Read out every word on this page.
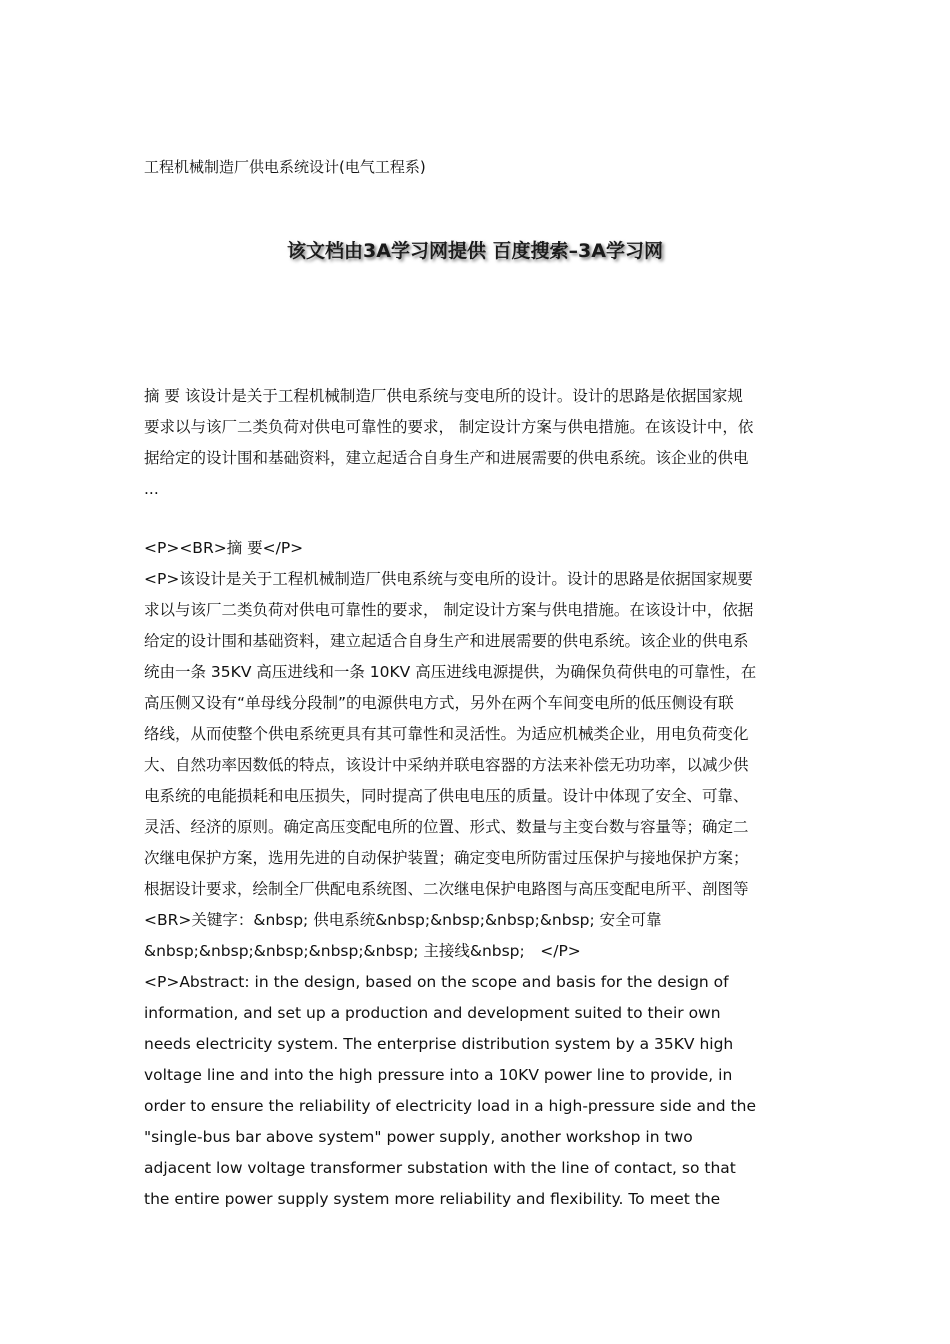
工程机械制造厂供电系统设计(电气工程系)
该文档由3A学习网提供 百度搜索–3A学习网
摘 要 该设计是关于工程机械制造厂供电系统与变电所的设计。设计的思路是依据国家规
要求以与该厂二类负荷对供电可靠性的要求， 制定设计方案与供电措施。在该设计中，依
据给定的设计围和基础资料，建立起适合自身生产和进展需要的供电系统。该企业的供电
...
<P><BR>摘 要</P>
<P>该设计是关于工程机械制造厂供电系统与变电所的设计。设计的思路是依据国家规要
求以与该厂二类负荷对供电可靠性的要求， 制定设计方案与供电措施。在该设计中，依据
给定的设计围和基础资料，建立起适合自身生产和进展需要的供电系统。该企业的供电系
统由一条 35KV 高压进线和一条 10KV 高压进线电源提供，为确保负荷供电的可靠性，在
高压侧又设有“单母线分段制”的电源供电方式，另外在两个车间变电所的低压侧设有联
络线，从而使整个供电系统更具有其可靠性和灵活性。为适应机械类企业，用电负荷变化
大、自然功率因数低的特点，该设计中采纳并联电容器的方法来补偿无功功率，以减少供
电系统的电能损耗和电压损失，同时提高了供电电压的质量。设计中体现了安全、可靠、
灵活、经济的原则。确定高压变配电所的位置、形式、数量与主变台数与容量等；确定二
次继电保护方案，选用先进的自动保护装置；确定变电所防雷过压保护与接地保护方案；
根据设计要求，绘制全厂供配电系统图、二次继电保护电路图与高压变配电所平、剖图等
<BR>关键字：&nbsp; 供电系统&nbsp;&nbsp;&nbsp;&nbsp; 安全可靠
&nbsp;&nbsp;&nbsp;&nbsp;&nbsp; 主接线&nbsp;　</P>
<P>Abstract: in the design, based on the scope and basis for the design of
information, and set up a production and development suited to their own
needs electricity system. The enterprise distribution system by a 35KV high
voltage line and into the high pressure into a 10KV power line to provide, in
order to ensure the reliability of electricity load in a high-pressure side and the
"single-bus bar above system" power supply, another workshop in two
adjacent low voltage transformer substation with the line of contact, so that
the entire power supply system more reliability and flexibility. To meet the
